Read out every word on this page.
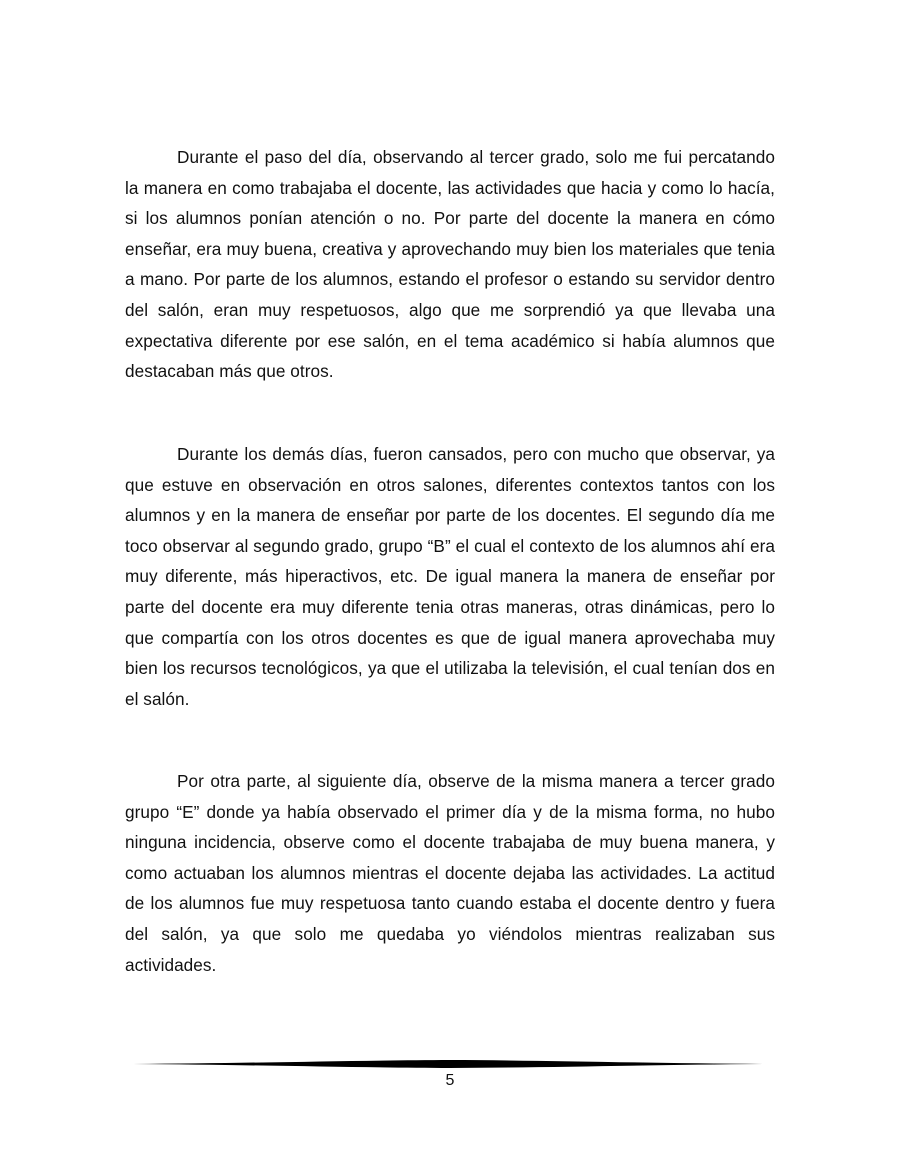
Durante el paso del día, observando al tercer grado, solo me fui percatando la manera en como trabajaba el docente, las actividades que hacia y como lo hacía, si los alumnos ponían atención o no. Por parte del docente la manera en cómo enseñar, era muy buena, creativa y aprovechando muy bien los materiales que tenia a mano. Por parte de los alumnos, estando el profesor o estando su servidor dentro del salón, eran muy respetuosos, algo que me sorprendió ya que llevaba una expectativa diferente por ese salón, en el tema académico si había alumnos que destacaban más que otros.

Durante los demás días, fueron cansados, pero con mucho que observar, ya que estuve en observación en otros salones, diferentes contextos tantos con los alumnos y en la manera de enseñar por parte de los docentes. El segundo día me toco observar al segundo grado, grupo “B” el cual el contexto de los alumnos ahí era muy diferente, más hiperactivos, etc. De igual manera la manera de enseñar por parte del docente era muy diferente tenia otras maneras, otras dinámicas, pero lo que compartía con los otros docentes es que de igual manera aprovechaba muy bien los recursos tecnológicos, ya que el utilizaba la televisión, el cual tenían dos en el salón.

Por otra parte, al siguiente día, observe de la misma manera a tercer grado grupo “E” donde ya había observado el primer día y de la misma forma, no hubo ninguna incidencia, observe como el docente trabajaba de muy buena manera, y como actuaban los alumnos mientras el docente dejaba las actividades. La actitud de los alumnos fue muy respetuosa tanto cuando estaba el docente dentro y fuera del salón, ya que solo me quedaba yo viéndolos mientras realizaban sus actividades.

5
